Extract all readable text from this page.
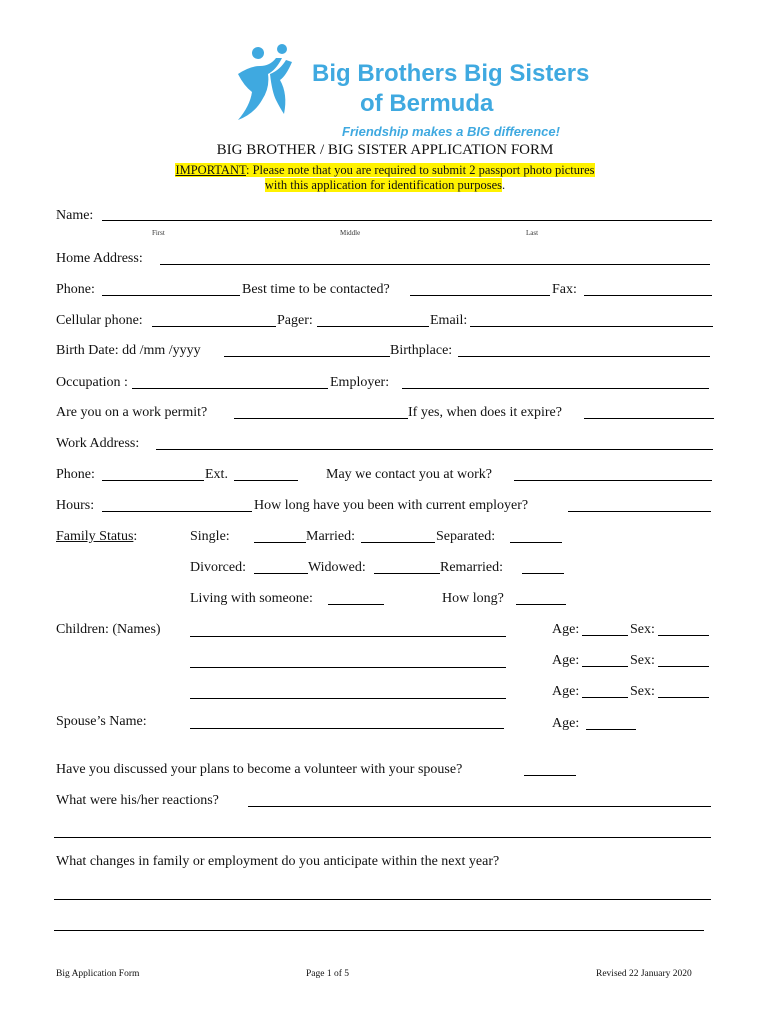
Big Brothers Big Sisters
of Bermuda
Friendship makes a BIG difference!
BIG BROTHER / BIG SISTER APPLICATION FORM
IMPORTANT: Please note that you are required to submit 2 passport photo pictures
with this application for identification purposes.
Name:
First	Middle	Last
Home Address:
Phone:	Best time to be contacted?	Fax:
Cellular phone:	Pager:	Email:
Birth Date: dd /mm /yyyy	Birthplace:
Occupation :	Employer:
Are you on a work permit?	If yes, when does it expire?
Work Address:
Phone:	Ext.	May we contact you at work?
Hours:	How long have you been with current employer?
Family Status:	Single:	Married:	Separated:
Divorced:	Widowed:	Remarried:
Living with someone:	How long?
Children: (Names)	Age:	Sex:
Age:	Sex:
Age:	Sex:
Spouse’s Name:	Age:
Have you discussed your plans to become a volunteer with your spouse?
What were his/her reactions?
What changes in family or employment do you anticipate within the next year?
Big Application Form	Page 1 of 5	Revised 22 January 2020
